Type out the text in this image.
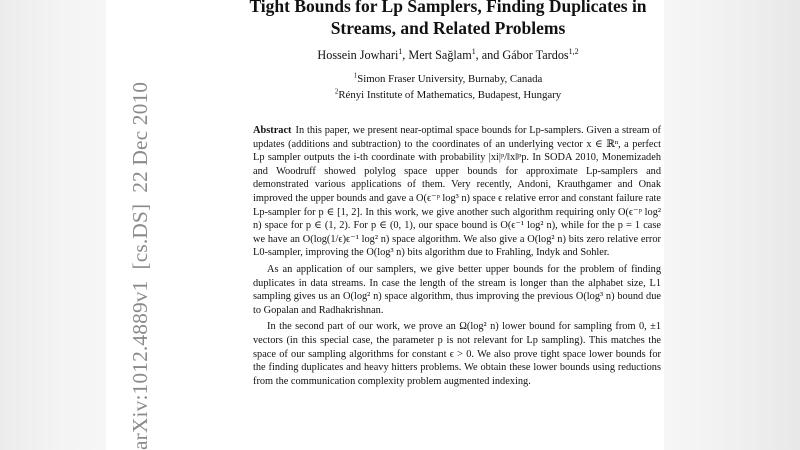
arXiv:1012.4889v1  [cs.DS]  22 Dec 2010
Tight Bounds for Lp Samplers, Finding Duplicates in
Streams, and Related Problems
Hossein Jowhari$^1$, Mert Sağlam$^1$, and Gábor Tardos$^{1,2}$
$^1$Simon Fraser University, Burnaby, Canada
$^2$Rényi Institute of Mathematics, Budapest, Hungary

Abstract In this paper, we present near-optimal space bounds for Lp-samplers. Given a stream of updates (additions and subtraction) to the coordinates of an underlying vector x ∈ ℝⁿ, a perfect Lp sampler outputs the i-th coordinate with probability |xi|ᵖ/‖x‖ᵖp. In SODA 2010, Monemizadeh and Woodruff showed polylog space upper bounds for approximate Lp-samplers and demonstrated various applications of them. Very recently, Andoni, Krauthgamer and Onak improved the upper bounds and gave a O(ϵ⁻ᵖ log³ n) space ϵ relative error and constant failure rate Lp-sampler for p ∈ [1, 2]. In this work, we give another such algorithm requiring only O(ϵ⁻ᵖ log² n) space for p ∈ (1, 2). For p ∈ (0, 1), our space bound is O(ϵ⁻¹ log² n), while for the p = 1 case we have an O(log(1/ϵ)ϵ⁻¹ log² n) space algorithm. We also give a O(log² n) bits zero relative error L0-sampler, improving the O(log³ n) bits algorithm due to Frahling, Indyk and Sohler.

As an application of our samplers, we give better upper bounds for the problem of finding duplicates in data streams. In case the length of the stream is longer than the alphabet size, L1 sampling gives us an O(log² n) space algorithm, thus improving the previous O(log³ n) bound due to Gopalan and Radhakrishnan.

In the second part of our work, we prove an Ω(log² n) lower bound for sampling from 0, ±1 vectors (in this special case, the parameter p is not relevant for Lp sampling). This matches the space of our sampling algorithms for constant ϵ > 0. We also prove tight space lower bounds for the finding duplicates and heavy hitters problems. We obtain these lower bounds using reductions from the communication complexity problem augmented indexing.
